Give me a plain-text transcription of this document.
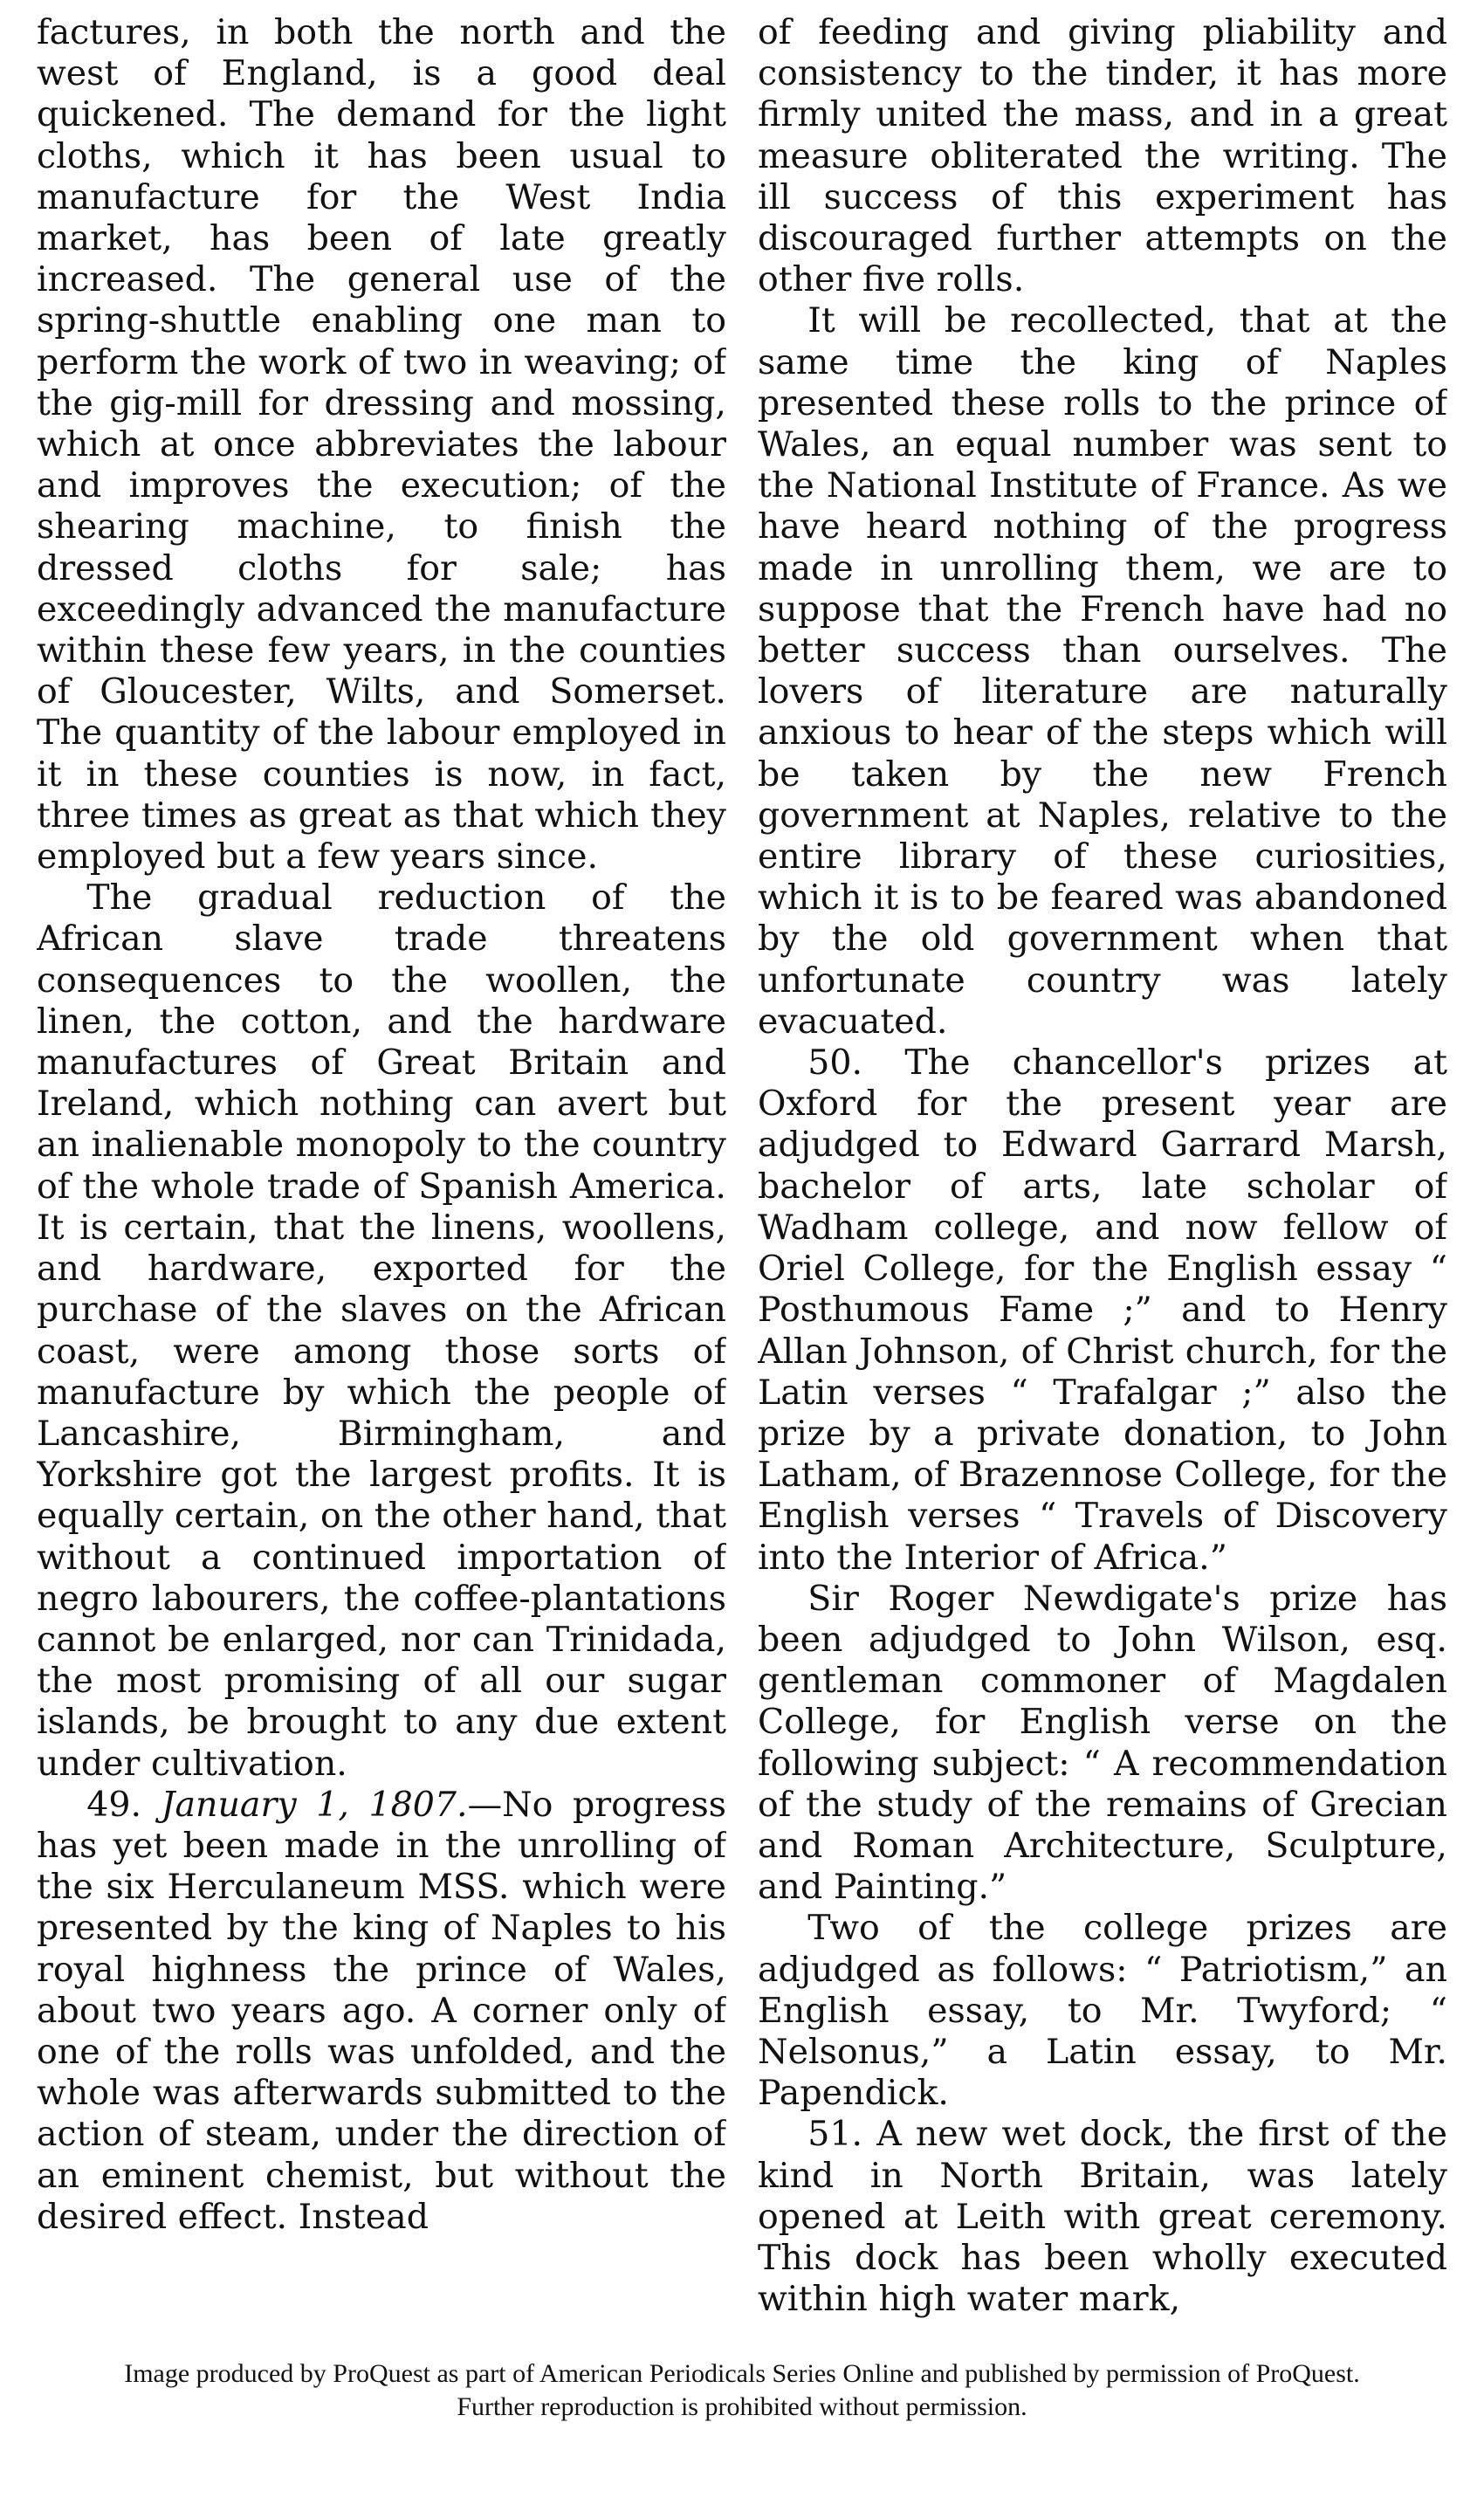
factures, in both the north and the west of England, is a good deal quickened. The demand for the light cloths, which it has been usual to manufacture for the West India market, has been of late greatly increased. The general use of the spring-shuttle enabling one man to perform the work of two in weaving; of the gig-mill for dressing and mossing, which at once abbreviates the labour and improves the execution; of the shearing machine, to finish the dressed cloths for sale; has exceedingly advanced the manufacture within these few years, in the counties of Gloucester, Wilts, and Somerset. The quantity of the labour employed in it in these counties is now, in fact, three times as great as that which they employed but a few years since.

The gradual reduction of the African slave trade threatens consequences to the woollen, the linen, the cotton, and the hardware manufactures of Great Britain and Ireland, which nothing can avert but an inalienable monopoly to the country of the whole trade of Spanish America. It is certain, that the linens, woollens, and hardware, exported for the purchase of the slaves on the African coast, were among those sorts of manufacture by which the people of Lancashire, Birmingham, and Yorkshire got the largest profits. It is equally certain, on the other hand, that without a continued importation of negro labourers, the coffee-plantations cannot be enlarged, nor can Trinidada, the most promising of all our sugar islands, be brought to any due extent under cultivation.

49. January 1, 1807.—No progress has yet been made in the unrolling of the six Herculaneum MSS. which were presented by the king of Naples to his royal highness the prince of Wales, about two years ago. A corner only of one of the rolls was unfolded, and the whole was afterwards submitted to the action of steam, under the direction of an eminent chemist, but without the desired effect. Instead

of feeding and giving pliability and consistency to the tinder, it has more firmly united the mass, and in a great measure obliterated the writing. The ill success of this experiment has discouraged further attempts on the other five rolls.

It will be recollected, that at the same time the king of Naples presented these rolls to the prince of Wales, an equal number was sent to the National Institute of France. As we have heard nothing of the progress made in unrolling them, we are to suppose that the French have had no better success than ourselves. The lovers of literature are naturally anxious to hear of the steps which will be taken by the new French government at Naples, relative to the entire library of these curiosities, which it is to be feared was abandoned by the old government when that unfortunate country was lately evacuated.

50. The chancellor's prizes at Oxford for the present year are adjudged to Edward Garrard Marsh, bachelor of arts, late scholar of Wadham college, and now fellow of Oriel College, for the English essay “ Posthumous Fame ;” and to Henry Allan Johnson, of Christ church, for the Latin verses “ Trafalgar ;” also the prize by a private donation, to John Latham, of Brazennose College, for the English verses “ Travels of Discovery into the Interior of Africa.”

Sir Roger Newdigate's prize has been adjudged to John Wilson, esq. gentleman commoner of Magdalen College, for English verse on the following subject: “ A recommendation of the study of the remains of Grecian and Roman Architecture, Sculpture, and Painting.”

Two of the college prizes are adjudged as follows: “ Patriotism,” an English essay, to Mr. Twyford; “ Nelsonus,” a Latin essay, to Mr. Papendick.

51. A new wet dock, the first of the kind in North Britain, was lately opened at Leith with great ceremony. This dock has been wholly executed within high water mark,

Image produced by ProQuest as part of American Periodicals Series Online and published by permission of ProQuest.
Further reproduction is prohibited without permission.
